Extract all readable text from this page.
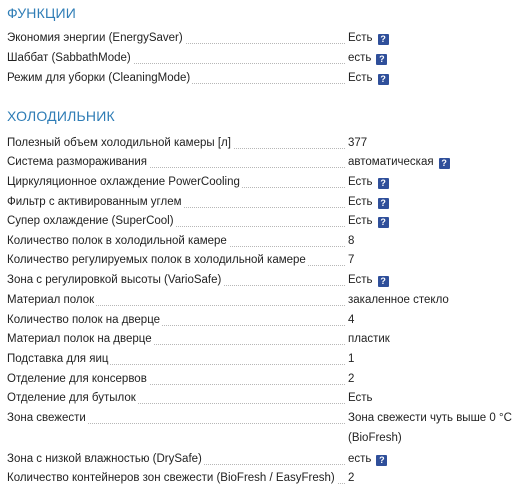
ФУНКЦИИ
Экономия энергии (EnergySaver)	Есть ?
Шаббат (SabbathMode)	есть ?
Режим для уборки (CleaningMode)	Есть ?
ХОЛОДИЛЬНИК
Полезный объем холодильной камеры [л]	377
Система размораживания	автоматическая ?
Циркуляционное охлаждение PowerCooling	Есть ?
Фильтр с активированным углем	Есть ?
Супер охлаждение (SuperCool)	Есть ?
Количество полок в холодильной камере	8
Количество регулируемых полок в холодильной камере	7
Зона с регулировкой высоты (VarioSafe)	Есть ?
Материал полок	закаленное стекло
Количество полок на дверце	4
Материал полок на дверце	пластик
Подставка для яиц	1
Отделение для консервов	2
Отделение для бутылок	Есть
Зона свежести	Зона свежести чуть выше 0 °C
(BioFresh)
Зона с низкой влажностью (DrySafe)	есть ?
Количество контейнеров зон свежести (BioFresh / EasyFresh) 2
